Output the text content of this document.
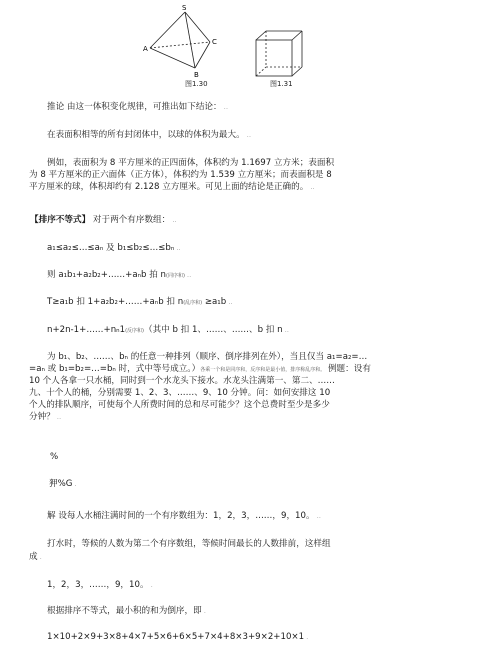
S
A
B
C
图1.30	图1.31
推论 由这一体积变化规律，可推出如下结论： ..
在表面积相等的所有封闭体中，以球的体积为最大。 ..
例如，表面积为 8 平方厘米的正四面体，体积约为 1.1697 立方米；表面积
为 8 平方厘米的正六面体（正方体），体积约为 1.539 立方厘米；而表面积是 8
平方厘米的球，体积却约有 2.128 立方厘米。可见上面的结论是正确的。 ..
【排序不等式】 对于两个有序数组： ..
a₁≤a₂≤…≤aₙ 及 b₁≤b₂≤…≤bₙ ..
则 a₁b₁+a₂b₂+……+aₙb 拍 n(同序和) ..
T≥a₁b 扣 1+a₂b₂+……+aₙb 扣 n(乱序和) ≥a₁b ..
n+2n-1+……+nₙ1(反序和)（其中 b 扣 1、……、……、b 扣 n ..
为 b₁、b₂、……、bₙ 的任意一种排列（顺序、倒序排列在外），当且仅当 a₁=a₂=…
=aₙ 或 b₁=b₂=…=bₙ 时，式中等号成立。）各乘一个和是同序和，反序和是最小值，排序称乱序和。 例题：设有
10 个人各拿一只水桶，同时到一个水龙头下接水。水龙头注满第一、第二、……
九、十个人的桶，分别需要 1、2、3、……、9、10 分钟。问：如何安排这 10
个人的排队顺序，可使每个人所费时间的总和尽可能少？这个总费时至少是多少
分钟？ ..
%
狎%G .
解 设每人水桶注满时间的一个有序数组为：1，2，3，……，9，10。 ..
打水时，等候的人数为第二个有序数组，等候时间最长的人数排前，这样组
成 .
1，2，3，……，9，10。 .
根据排序不等式，最小积的和为倒序，即 .
1×10+2×9+3×8+4×7+5×6+6×5+7×4+8×3+9×2+10×1 .
